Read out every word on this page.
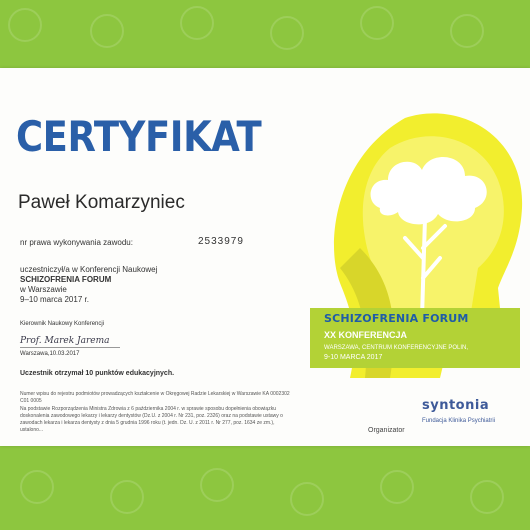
CERTYFIKAT
Paweł Komarzyniec
nr prawa wykonywania zawodu:	2533979
uczestniczył/a w Konferencji Naukowej
SCHIZOFRENIA FORUM
w Warszawie
9–10 marca 2017 r.
Kierownik Naukowy Konferencji
Prof. Marek Jarema
Warszawa,10.03.2017
Uczestnik otrzymał 10 punktów edukacyjnych.
Numer wpisu do rejestru podmiotów prowadzących kształcenie w Okręgowej Radzie Lekarskiej w Warszawie KA 0002302 C01 0005
Na podstawie Rozporządzenia Ministra Zdrowia z 6 października 2004 r. w sprawie sposobu dopełnienia obowiązku doskonalenia zawodowego lekarzy i lekarzy dentystów (Dz.U. z 2004 r. Nr 231, poz. 2326) oraz na podstawie ustawy o zawodach lekarza i lekarza dentysty z dnia 5 grudnia 1996 roku (t. jedn. Dz. U. z 2011 r. Nr 277, poz. 1634 ze zm.), ustalono...
SCHIZOFRENIA FORUM
XX KONFERENCJA
WARSZAWA, CENTRUM KONFERENCYJNE POLIN,
9-10 MARCA 2017
Organizator
syntonia
Fundacja Klinika Psychiatrii
